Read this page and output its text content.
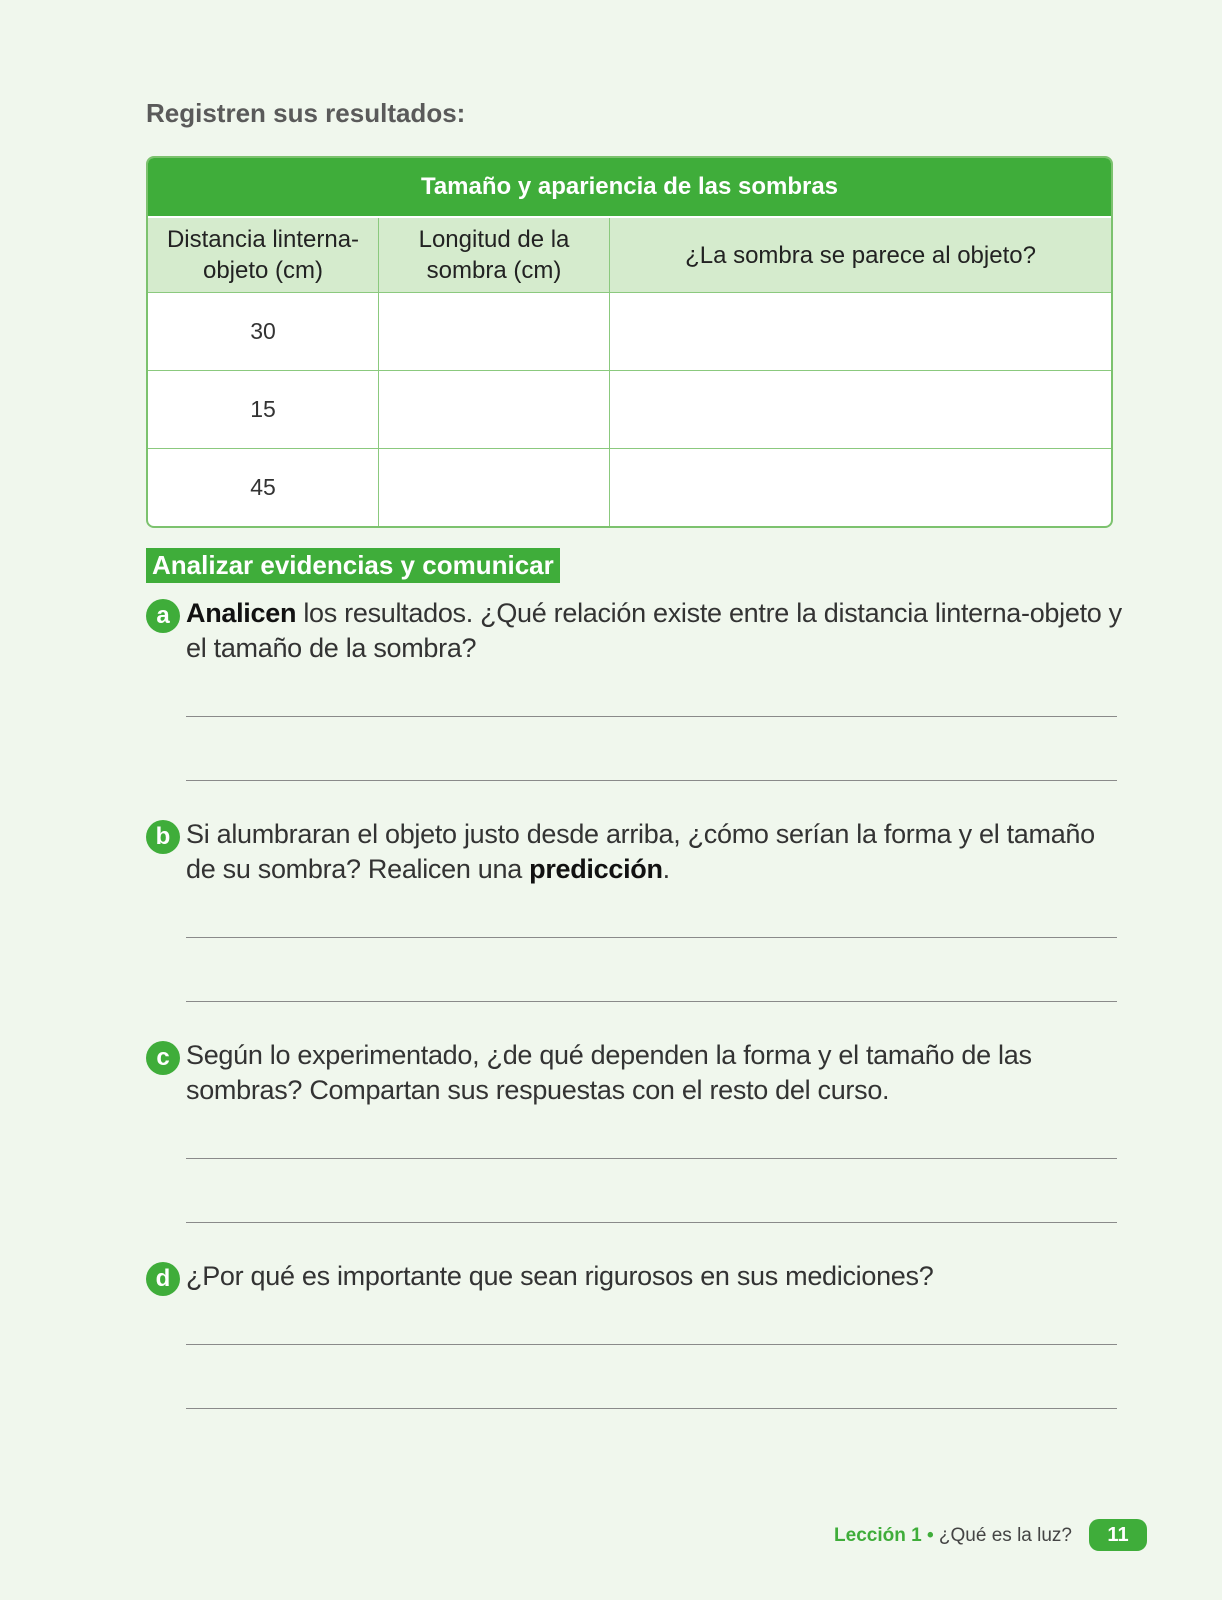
Registren sus resultados:
Tamaño y apariencia de las sombras		
Distancia linterna-objeto (cm)	Longitud de la sombra (cm)	¿La sombra se parece al objeto?
30		
15		
45		
Analizar evidencias y comunicar
a Analicen los resultados. ¿Qué relación existe entre la distancia linterna-objeto y el tamaño de la sombra?
b Si alumbraran el objeto justo desde arriba, ¿cómo serían la forma y el tamaño de su sombra? Realicen una predicción.
c Según lo experimentado, ¿de qué dependen la forma y el tamaño de las sombras? Compartan sus respuestas con el resto del curso.
d ¿Por qué es importante que sean rigurosos en sus mediciones?
Lección 1 • ¿Qué es la luz?	11
